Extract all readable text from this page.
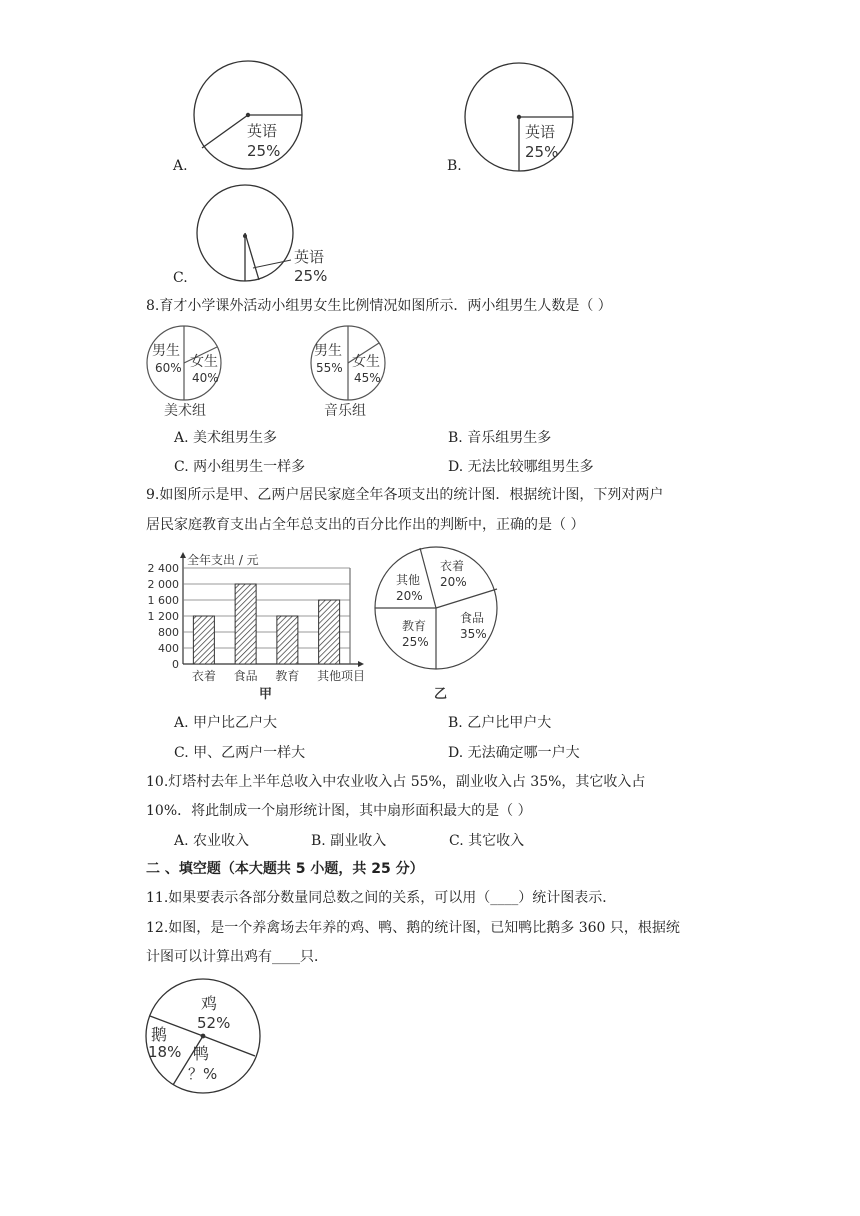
A.
英语
25%
B.
英语
25%
C.
英语
25%
8.育才小学课外活动小组男女生比例情况如图所示．两小组男生人数是（ ）
男生
60% 女生
40%
美术组
男生
55% 女生
45%
音乐组
A. 美术组男生多	B. 音乐组男生多
C. 两小组男生一样多	D. 无法比较哪组男生多
9.如图所示是甲、乙两户居民家庭全年各项支出的统计图．根据统计图，下列对两户
居民家庭教育支出占全年总支出的百分比作出的判断中，正确的是（ ）
全年支出 / 元
项目
甲
0
400
800
1 200
1 600
2 000
2 400
衣着 食品 教育 其他
衣着
20%
食品
35%
教育
25%
其他
20%
乙
A. 甲户比乙户大	B. 乙户比甲户大
C. 甲、乙两户一样大	D. 无法确定哪一户大
10.灯塔村去年上半年总收入中农业收入占 55%，副业收入占 35%，其它收入占
10%．将此制成一个扇形统计图，其中扇形面积最大的是（ ）
A. 农业收入	B. 副业收入	C. 其它收入
二 、填空题（本大题共 5 小题，共 25 分）
11.如果要表示各部分数量同总数之间的关系，可以用（____）统计图表示．
12.如图，是一个养禽场去年养的鸡、鸭、鹅的统计图，已知鸭比鹅多 360 只，根据统
计图可以计算出鸡有____只．
鸡
52%
鹅
18% 鸭
？%
